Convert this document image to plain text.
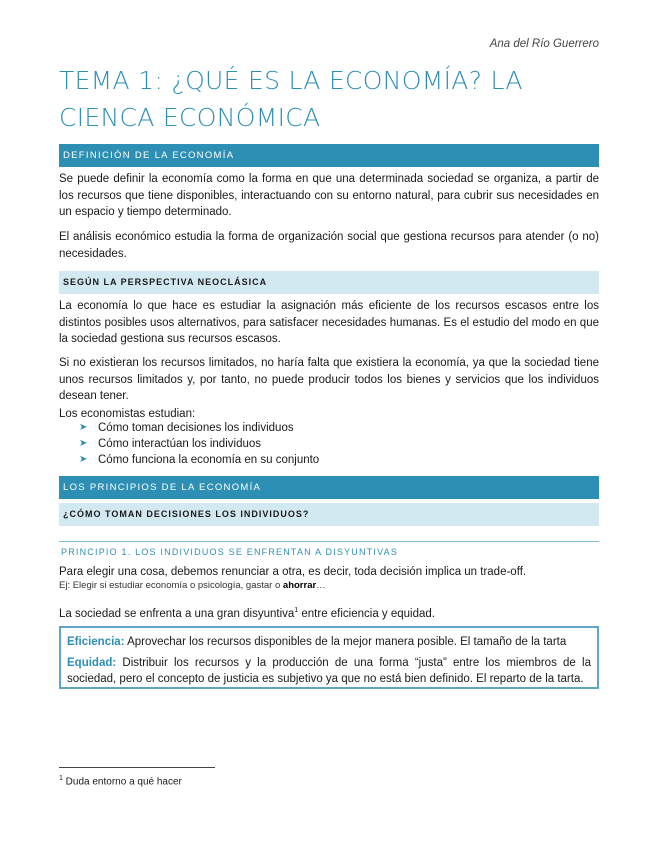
Ana del Río Guerrero
TEMA 1: ¿QUÉ ES LA ECONOMÍA? LA CIENCA ECONÓMICA
DEFINICIÓN DE LA ECONOMÍA

Se puede definir la economía como la forma en que una determinada sociedad se organiza, a partir de los recursos que tiene disponibles, interactuando con su entorno natural, para cubrir sus necesidades en un espacio y tiempo determinado.

El análisis económico estudia la forma de organización social que gestiona recursos para atender (o no) necesidades.

SEGÚN LA PERSPECTIVA NEOCLÁSICA

La economía lo que hace es estudiar la asignación más eficiente de los recursos escasos entre los distintos posibles usos alternativos, para satisfacer necesidades humanas. Es el estudio del modo en que la sociedad gestiona sus recursos escasos.

Si no existieran los recursos limitados, no haría falta que existiera la economía, ya que la sociedad tiene unos recursos limitados y, por tanto, no puede producir todos los bienes y servicios que los individuos desean tener.

Los economistas estudian:

➤ Cómo toman decisiones los individuos
➤ Cómo interactúan los individuos
➤ Cómo funciona la economía en su conjunto
LOS PRINCIPIOS DE LA ECONOMÍA
¿CÓMO TOMAN DECISIONES LOS INDIVIDUOS?
PRINCIPIO 1. LOS INDIVIDUOS SE ENFRENTAN A DISYUNTIVAS

Para elegir una cosa, debemos renunciar a otra, es decir, toda decisión implica un trade-off.

Ej: Elegir si estudiar economía o psicología, gastar o ahorrar…

La sociedad se enfrenta a una gran disyuntiva$^1$ entre eficiencia y equidad.

Eficiencia: Aprovechar los recursos disponibles de la mejor manera posible. El tamaño de la tarta
Equidad: Distribuir los recursos y la producción de una forma “justa” entre los miembros de la sociedad, pero el concepto de justicia es subjetivo ya que no está bien definido. El reparto de la tarta.
$^1$ Duda entorno a qué hacer
